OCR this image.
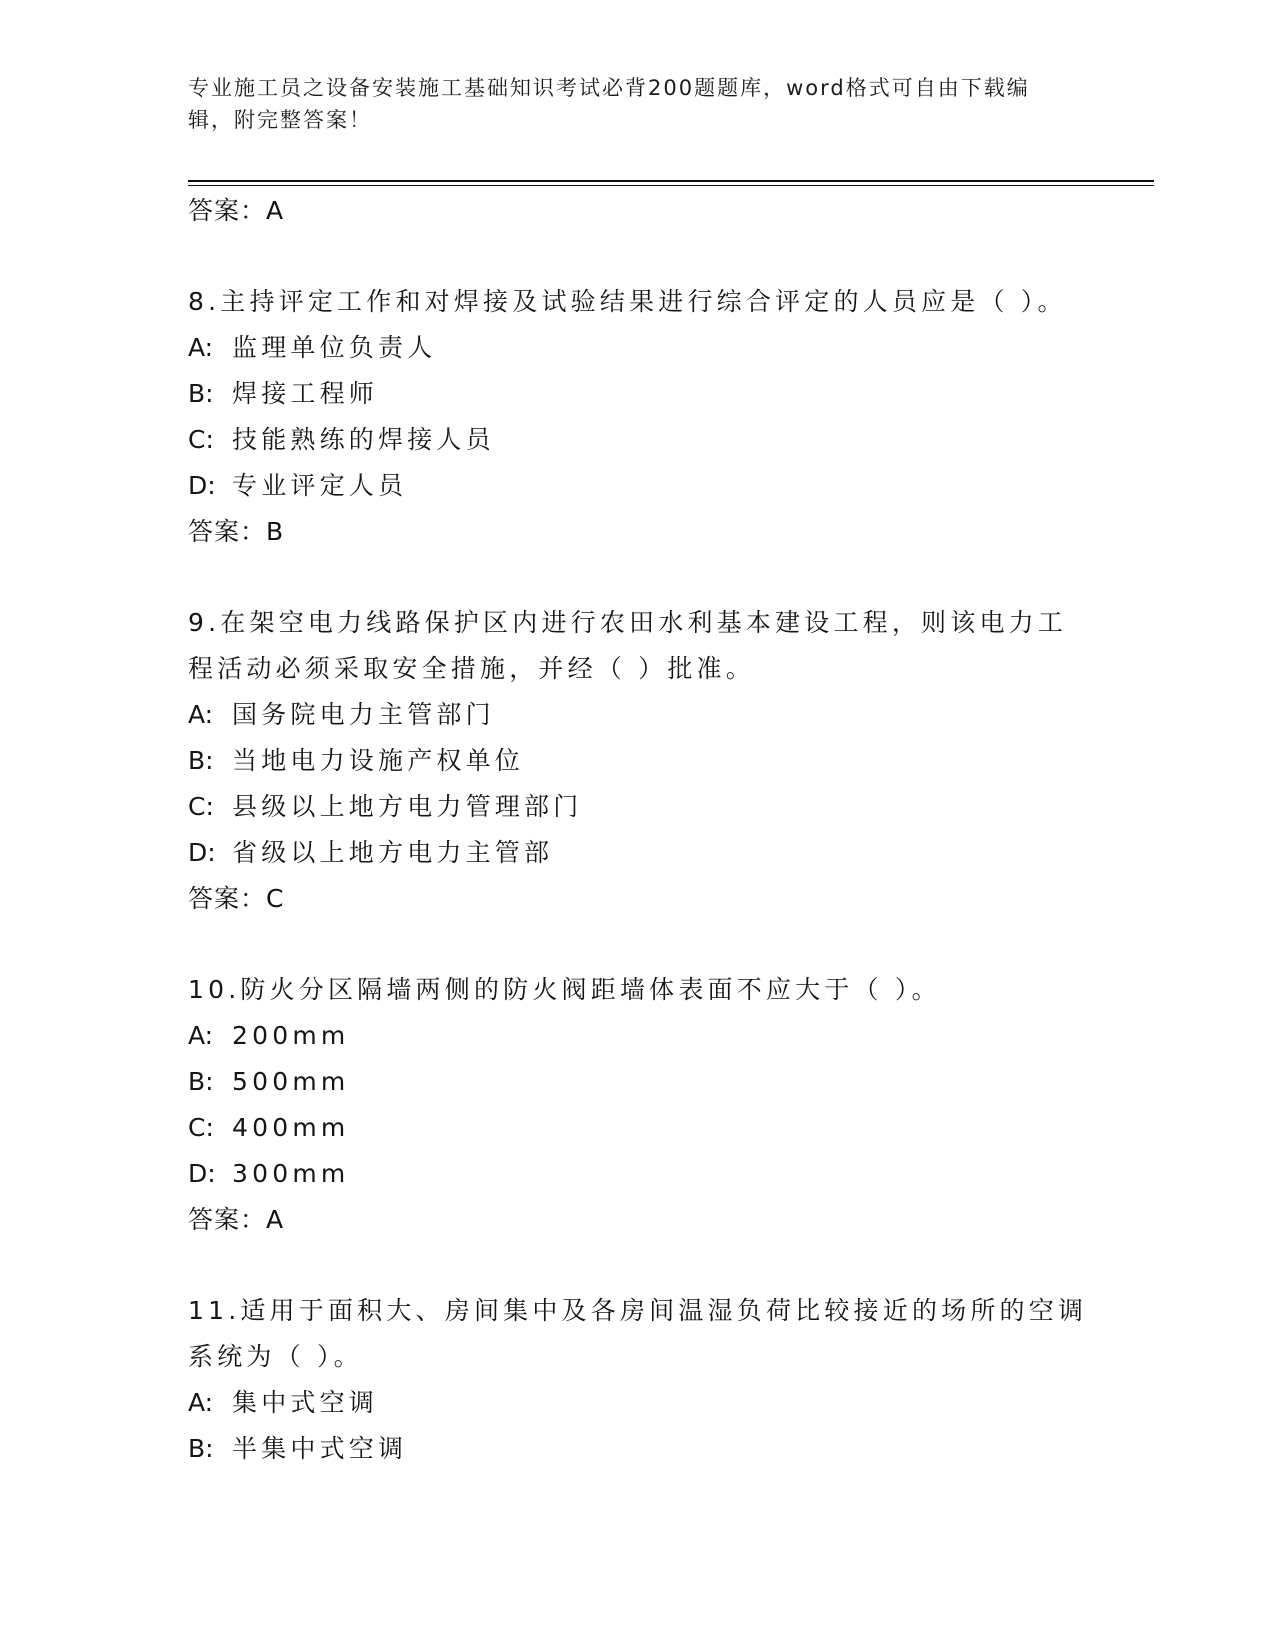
专业施工员之设备安装施工基础知识考试必背200题题库，word格式可自由下载编辑，附完整答案！
答案：A
8.主持评定工作和对焊接及试验结果进行综合评定的人员应是（ ）。
A: 监理单位负责人
B: 焊接工程师
C: 技能熟练的焊接人员
D: 专业评定人员
答案：B
9.在架空电力线路保护区内进行农田水利基本建设工程，则该电力工程活动必须采取安全措施，并经（ ）批准。
A: 国务院电力主管部门
B: 当地电力设施产权单位
C: 县级以上地方电力管理部门
D: 省级以上地方电力主管部
答案：C
10.防火分区隔墙两侧的防火阀距墙体表面不应大于（ ）。
A: 200mm
B: 500mm
C: 400mm
D: 300mm
答案：A
11.适用于面积大、房间集中及各房间温湿负荷比较接近的场所的空调系统为（ ）。
A: 集中式空调
B: 半集中式空调
